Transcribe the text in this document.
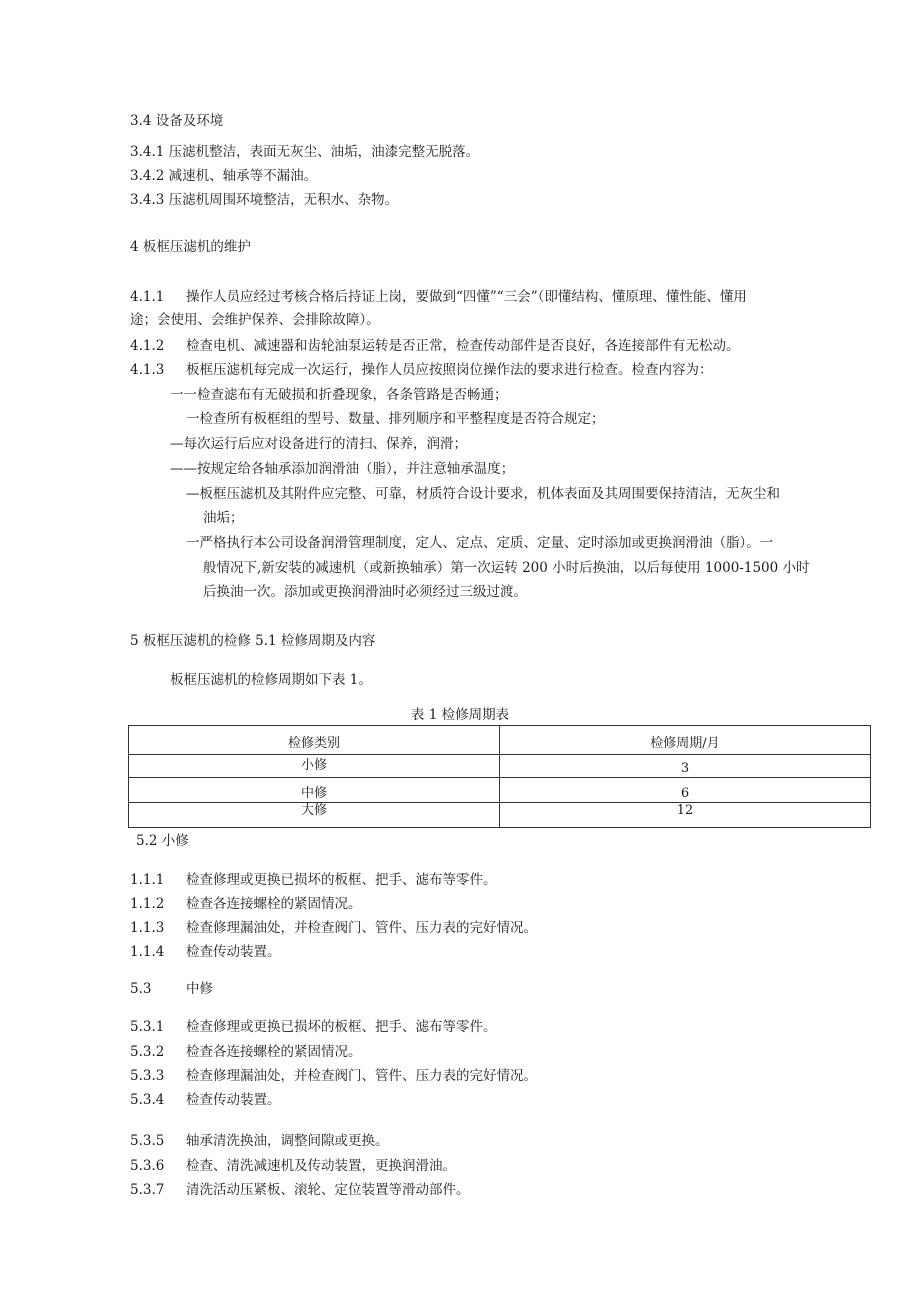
3.4 设备及环境
3.4.1 压滤机整洁，表面无灰尘、油垢，油漆完整无脱落。
3.4.2 减速机、轴承等不漏油。
3.4.3 压滤机周围环境整洁，无积水、杂物。
4 板框压滤机的维护
4.1.1 操作人员应经过考核合格后持证上岗，要做到“四懂”“三会”（即懂结构、懂原理、懂性能、懂用
途；会使用、会维护保养、会排除故障）。
4.1.2 检查电机、减速器和齿轮油泵运转是否正常，检查传动部件是否良好，各连接部件有无松动。
4.1.3 板框压滤机每完成一次运行，操作人员应按照岗位操作法的要求进行检查。检查内容为：
一一检查滤布有无破损和折叠现象，各条管路是否畅通；
一检查所有板框组的型号、数量、排列顺序和平整程度是否符合规定；
—每次运行后应对设备进行的清扫、保养，润滑；
——按规定给各轴承添加润滑油（脂），并注意轴承温度；
—板框压滤机及其附件应完整、可靠，材质符合设计要求，机体表面及其周围要保持清洁，无灰尘和
油垢；
一严格执行本公司设备润滑管理制度，定人、定点、定质、定量、定时添加或更换润滑油（脂）。一
般情况下,新安装的减速机（或新换轴承）第一次运转 200 小时后换油，以后每使用 1000-1500 小时
后换油一次。添加或更换润滑油时必须经过三级过渡。
5 板框压滤机的检修 5.1 检修周期及内容
板框压滤机的检修周期如下表 1。
表 1 检修周期表
检修类别	检修周期/月
小修	3
中修	6
大修	12
5.2 小修
1.1.1 检查修理或更换已损坏的板框、把手、滤布等零件。
1.1.2 检查各连接螺栓的紧固情况。
1.1.3 检查修理漏油处，并检查阀门、管件、压力表的完好情况。
1.1.4 检查传动装置。
5.3	中修
5.3.1 检查修理或更换已损坏的板框、把手、滤布等零件。
5.3.2 检查各连接螺栓的紧固情况。
5.3.3 检查修理漏油处，并检查阀门、管件、压力表的完好情况。
5.3.4 检查传动装置。
5.3.5 轴承清洗换油，调整间隙或更换。
5.3.6 检查、清洗减速机及传动装置，更换润滑油。
5.3.7 清洗活动压紧板、滚轮、定位装置等滑动部件。
